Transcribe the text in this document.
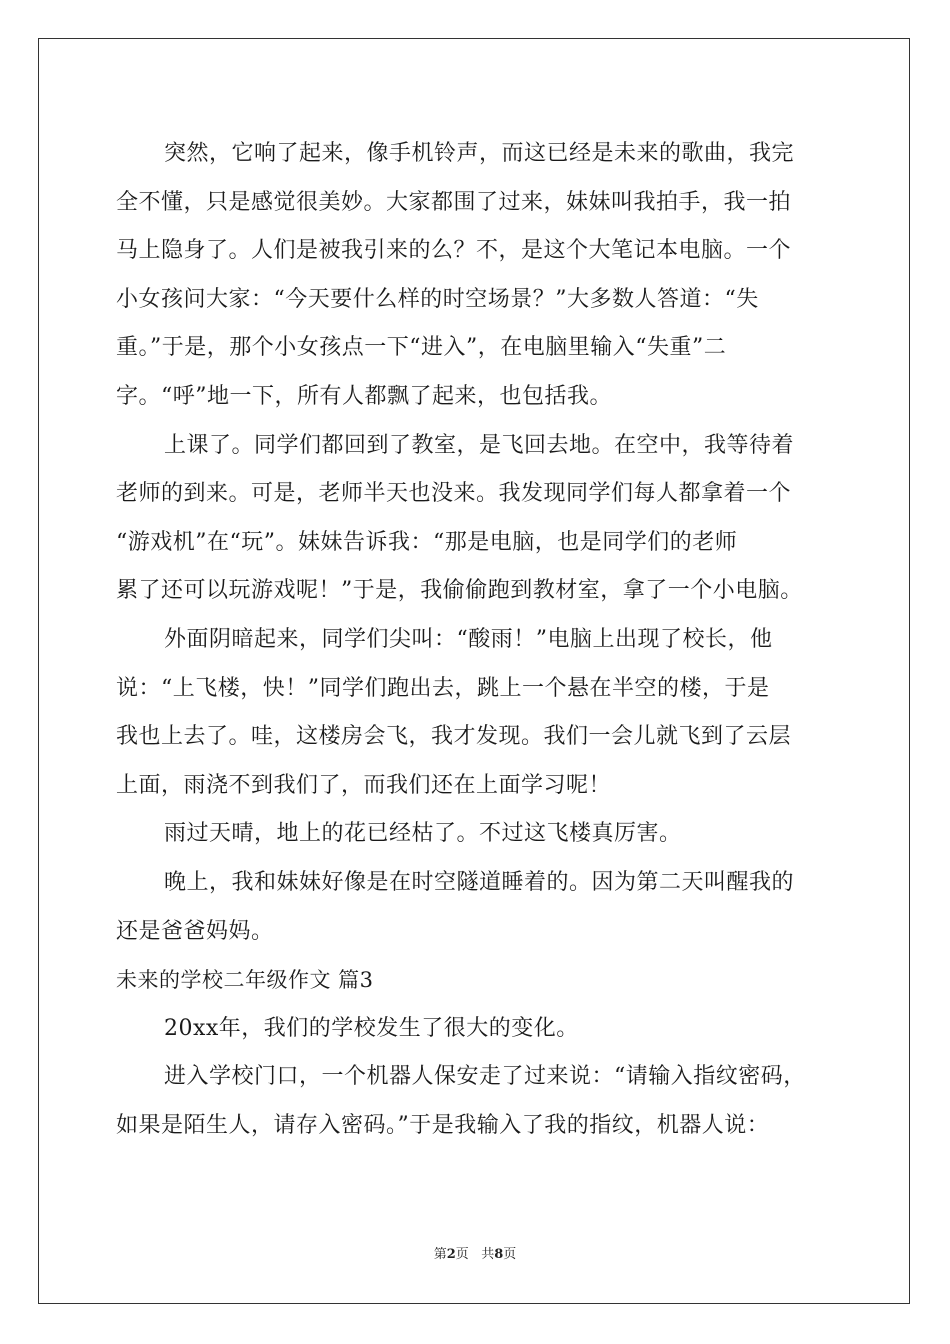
突然，它响了起来，像手机铃声，而这已经是未来的歌曲，我完
全不懂，只是感觉很美妙。大家都围了过来，妹妹叫我拍手，我一拍
马上隐身了。人们是被我引来的么？不，是这个大笔记本电脑。一个
小女孩问大家：“今天要什么样的时空场景？”大多数人答道：“失
重。”于是，那个小女孩点一下“进入”，在电脑里输入“失重”二
字。“呼”地一下，所有人都飘了起来，也包括我。
上课了。同学们都回到了教室，是飞回去地。在空中，我等待着
老师的到来。可是，老师半天也没来。我发现同学们每人都拿着一个
“游戏机”在“玩”。妹妹告诉我：“那是电脑，也是同学们的老师
累了还可以玩游戏呢！”于是，我偷偷跑到教材室，拿了一个小电脑。
外面阴暗起来，同学们尖叫：“酸雨！”电脑上出现了校长，他
说：“上飞楼，快！”同学们跑出去，跳上一个悬在半空的楼，于是
我也上去了。哇，这楼房会飞，我才发现。我们一会儿就飞到了云层
上面，雨浇不到我们了，而我们还在上面学习呢！
雨过天晴，地上的花已经枯了。不过这飞楼真厉害。
晚上，我和妹妹好像是在时空隧道睡着的。因为第二天叫醒我的
还是爸爸妈妈。
未来的学校二年级作文 篇3
20xx年，我们的学校发生了很大的变化。
进入学校门口，一个机器人保安走了过来说：“请输入指纹密码，
如果是陌生人，请存入密码。”于是我输入了我的指纹，机器人说：
第2页 共8页
